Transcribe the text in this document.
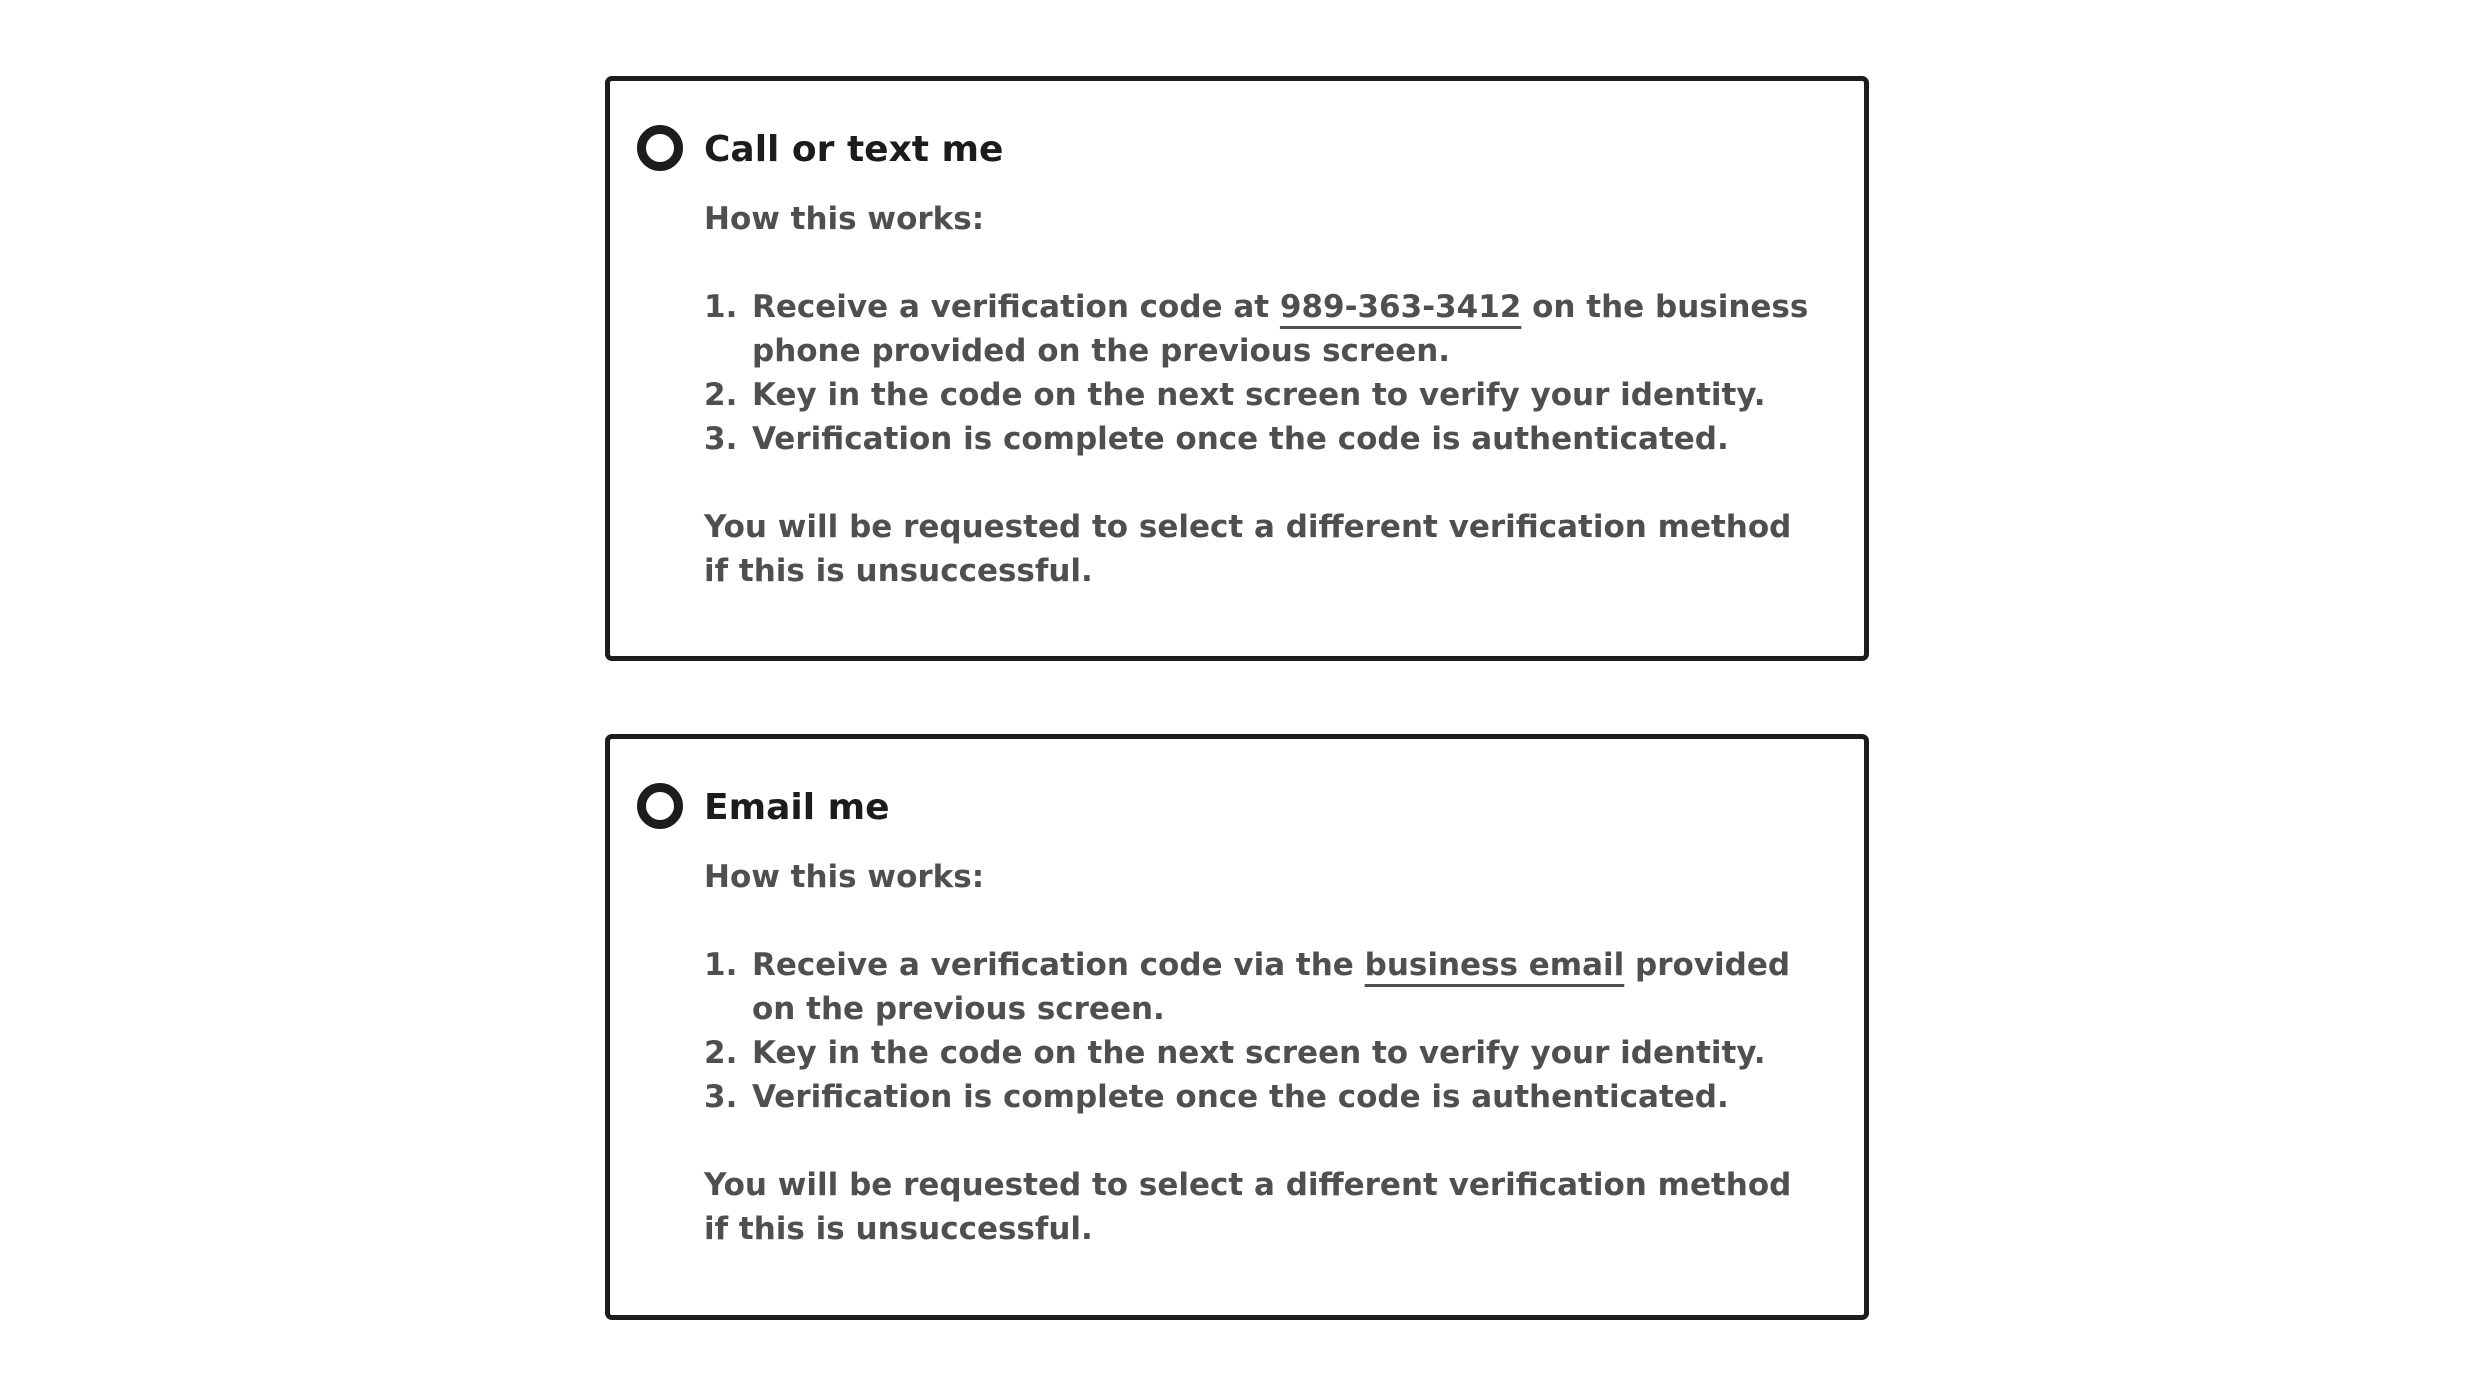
Call or text me

How this works:

1. Receive a verification code at 989-363-3412 on the business phone provided on the previous screen.
2. Key in the code on the next screen to verify your identity.
3. Verification is complete once the code is authenticated.

You will be requested to select a different verification method if this is unsuccessful.

Email me

How this works:

1. Receive a verification code via the business email provided on the previous screen.
2. Key in the code on the next screen to verify your identity.
3. Verification is complete once the code is authenticated.

You will be requested to select a different verification method if this is unsuccessful.
